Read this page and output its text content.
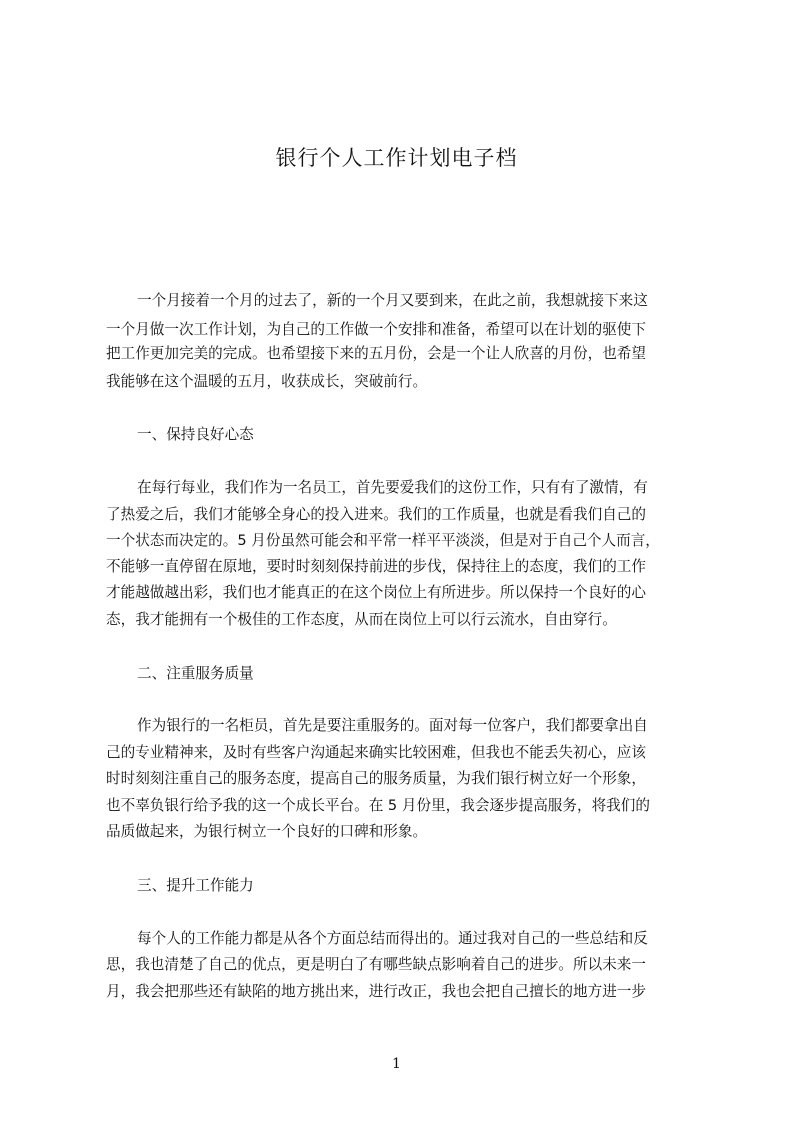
银行个人工作计划电子档

一个月接着一个月的过去了，新的一个月又要到来，在此之前，我想就接下来这

一个月做一次工作计划，为自己的工作做一个安排和准备，希望可以在计划的驱使下

把工作更加完美的完成。也希望接下来的五月份，会是一个让人欣喜的月份，也希望

我能够在这个温暖的五月，收获成长，突破前行。

一、保持良好心态

在每行每业，我们作为一名员工，首先要爱我们的这份工作，只有有了激情，有

了热爱之后，我们才能够全身心的投入进来。我们的工作质量，也就是看我们自己的

一个状态而决定的。5 月份虽然可能会和平常一样平平淡淡，但是对于自己个人而言，

不能够一直停留在原地，要时时刻刻保持前进的步伐，保持往上的态度，我们的工作

才能越做越出彩，我们也才能真正的在这个岗位上有所进步。所以保持一个良好的心

态，我才能拥有一个极佳的工作态度，从而在岗位上可以行云流水，自由穿行。

二、注重服务质量

作为银行的一名柜员，首先是要注重服务的。面对每一位客户，我们都要拿出自

己的专业精神来，及时有些客户沟通起来确实比较困难，但我也不能丢失初心，应该

时时刻刻注重自己的服务态度，提高自己的服务质量，为我们银行树立好一个形象，

也不辜负银行给予我的这一个成长平台。在 5 月份里，我会逐步提高服务，将我们的

品质做起来，为银行树立一个良好的口碑和形象。

三、提升工作能力

每个人的工作能力都是从各个方面总结而得出的。通过我对自己的一些总结和反

思，我也清楚了自己的优点，更是明白了有哪些缺点影响着自己的进步。所以未来一

月，我会把那些还有缺陷的地方挑出来，进行改正，我也会把自己擅长的地方进一步

1
